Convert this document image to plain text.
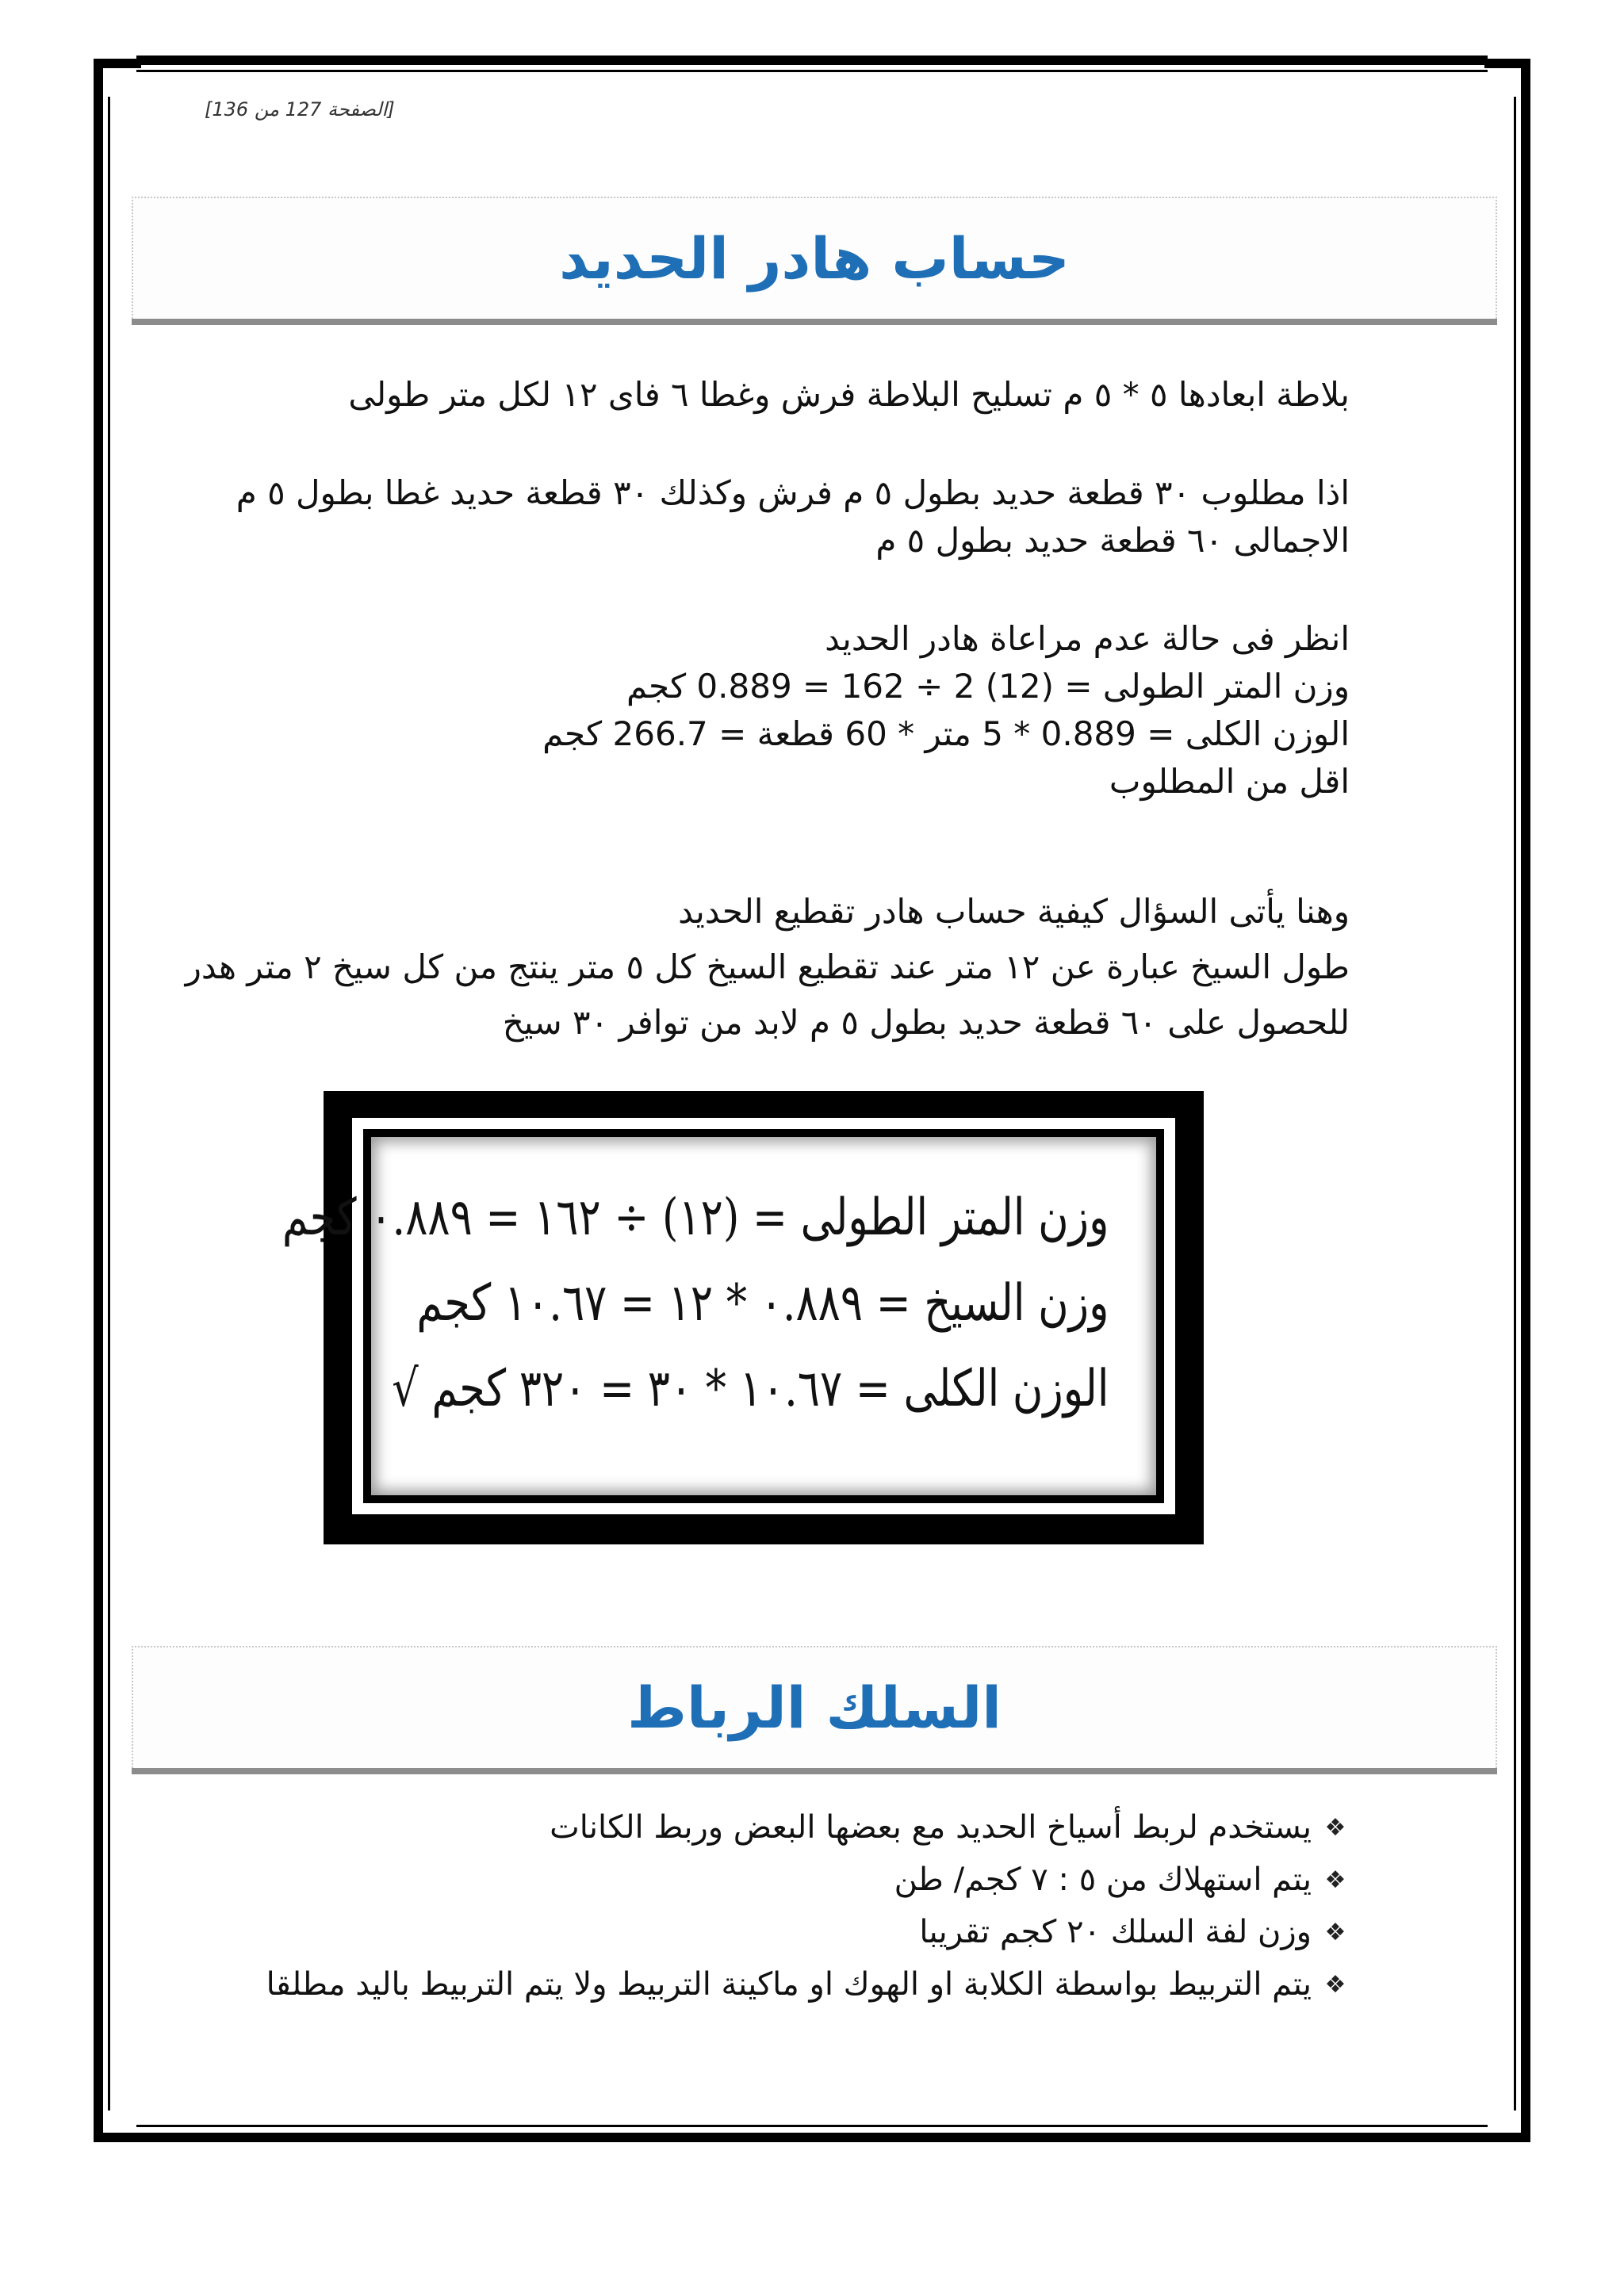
[الصفحة 127 من 136]
حساب هادر الحديد
بلاطة ابعادها ٥ * ٥ م تسليح البلاطة فرش وغطا ٦ فاى ١٢ لكل متر طولى
اذا مطلوب ٣٠ قطعة حديد بطول ٥ م فرش وكذلك ٣٠ قطعة حديد غطا بطول ٥ م
الاجمالى ٦٠ قطعة حديد بطول ٥ م
انظر فى حالة عدم مراعاة هادر الحديد
وزن المتر الطولى = (12) 2 ÷ 162 = 0.889 كجم
الوزن الكلى = 0.889 * 5 متر * 60 قطعة = 266.7 كجم
اقل من المطلوب
وهنا يأتى السؤال كيفية حساب هادر تقطيع الحديد
طول السيخ عبارة عن ١٢ متر عند تقطيع السيخ كل ٥ متر ينتج من كل سيخ ٢ متر هدر
للحصول على ٦٠ قطعة حديد بطول ٥ م لابد من توافر ٣٠ سيخ
وزن المتر الطولى = (١٢) ÷ ١٦٢ = ٠.٨٨٩ كجم
وزن السيخ = ٠.٨٨٩ * ١٢ = ١٠.٦٧ كجم
الوزن الكلى = ١٠.٦٧ * ٣٠ = ٣٢٠ كجم √
السلك الرباط
❖
يستخدم لربط أسياخ الحديد مع بعضها البعض وربط الكانات
❖
يتم استهلاك من ٥ : ٧ كجم/ طن
❖
وزن لفة السلك ٢٠ كجم تقريبا
❖
يتم التربيط بواسطة الكلابة او الهوك او ماكينة التربيط ولا يتم التربيط باليد مطلقا
